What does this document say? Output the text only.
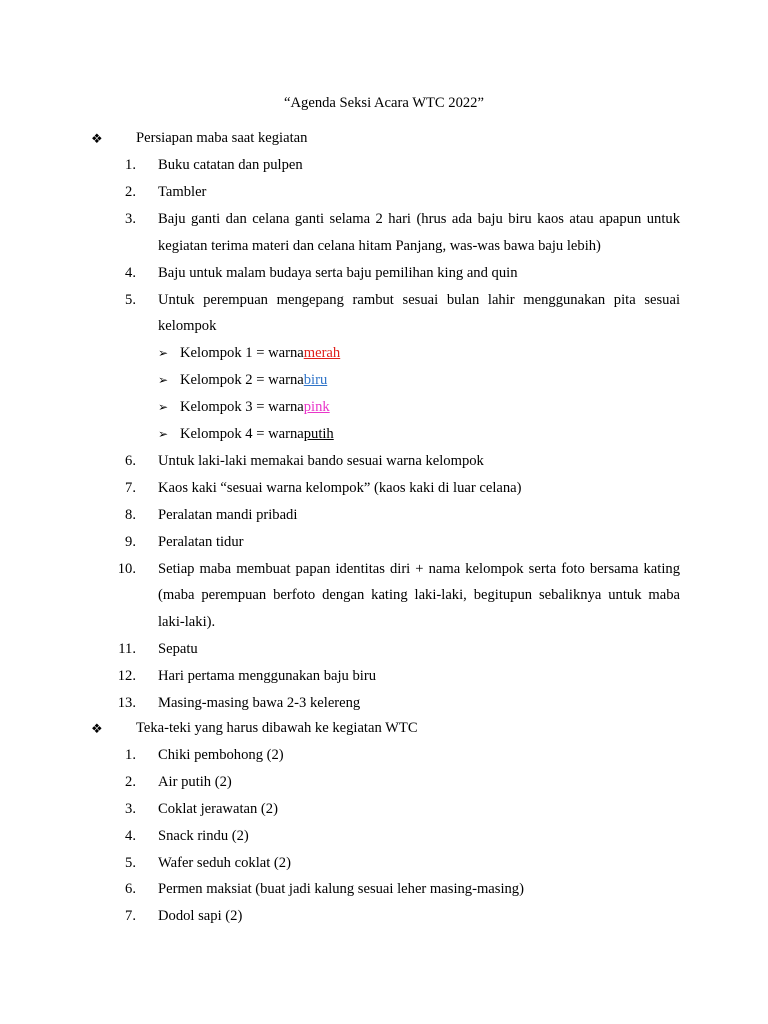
“Agenda Seksi Acara WTC 2022”
❖	Persiapan maba saat kegiatan
1. Buku catatan dan pulpen
2. Tambler
3. Baju ganti dan celana ganti selama 2 hari (hrus ada baju biru kaos atau apapun untuk kegiatan terima materi dan celana hitam Panjang, was-was bawa baju lebih)
4. Baju untuk malam budaya serta baju pemilihan king and quin
5. Untuk perempuan mengepang rambut sesuai bulan lahir menggunakan pita sesuai kelompok
➢ Kelompok 1 = warna merah
➢ Kelompok 2 = warna biru
➢ Kelompok 3 = warna pink
➢ Kelompok 4 = warna putih
6. Untuk laki-laki memakai bando sesuai warna kelompok
7. Kaos kaki “sesuai warna kelompok” (kaos kaki di luar celana)
8. Peralatan mandi pribadi
9. Peralatan tidur
10. Setiap maba membuat papan identitas diri + nama kelompok serta foto bersama kating (maba perempuan berfoto dengan kating laki-laki, begitupun sebaliknya untuk maba laki-laki).
11. Sepatu
12. Hari pertama menggunakan baju biru
13. Masing-masing bawa 2-3 kelereng
❖	Teka-teki yang harus dibawah ke kegiatan WTC
1. Chiki pembohong (2)
2. Air putih (2)
3. Coklat jerawatan (2)
4. Snack rindu (2)
5. Wafer seduh coklat (2)
6. Permen maksiat (buat jadi kalung sesuai leher masing-masing)
7. Dodol sapi (2)
